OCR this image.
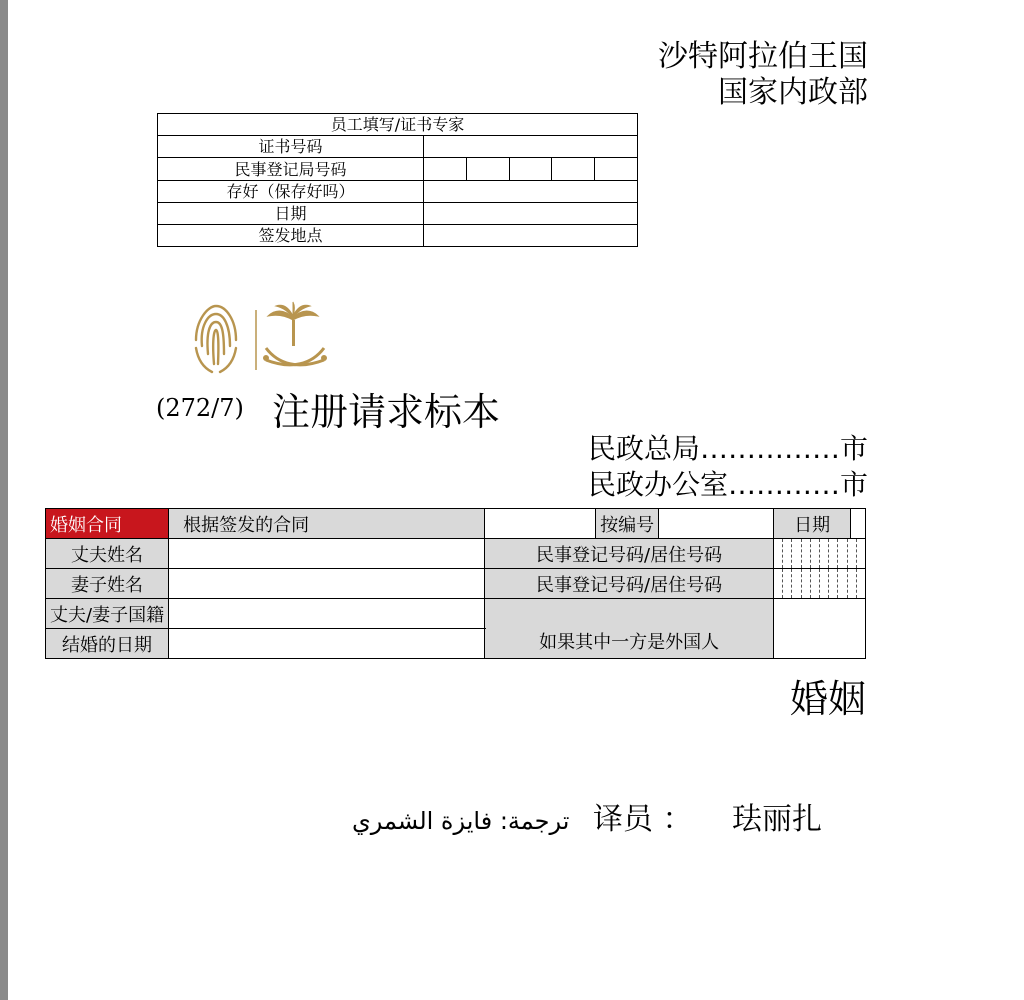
沙特阿拉伯王国
国家内政部
员工填写/证书专家	
证书号码	
民事登记局号码	

存好（保存好吗）	
日期	
签发地点	
(272/7) 注册请求标本
民政总局……………市
民政办公室…………市
婚姻合同	根据签发的合同		按编号		日期	
丈夫姓名		民事登记号码/居住号码				

妻子姓名		民事登记号码/居住号码				

丈夫/妻子国籍		如果其中一方是外国人				
结婚的日期						
婚姻
ترجمة: فايزة الشمري 译员 ： 珐丽扎
